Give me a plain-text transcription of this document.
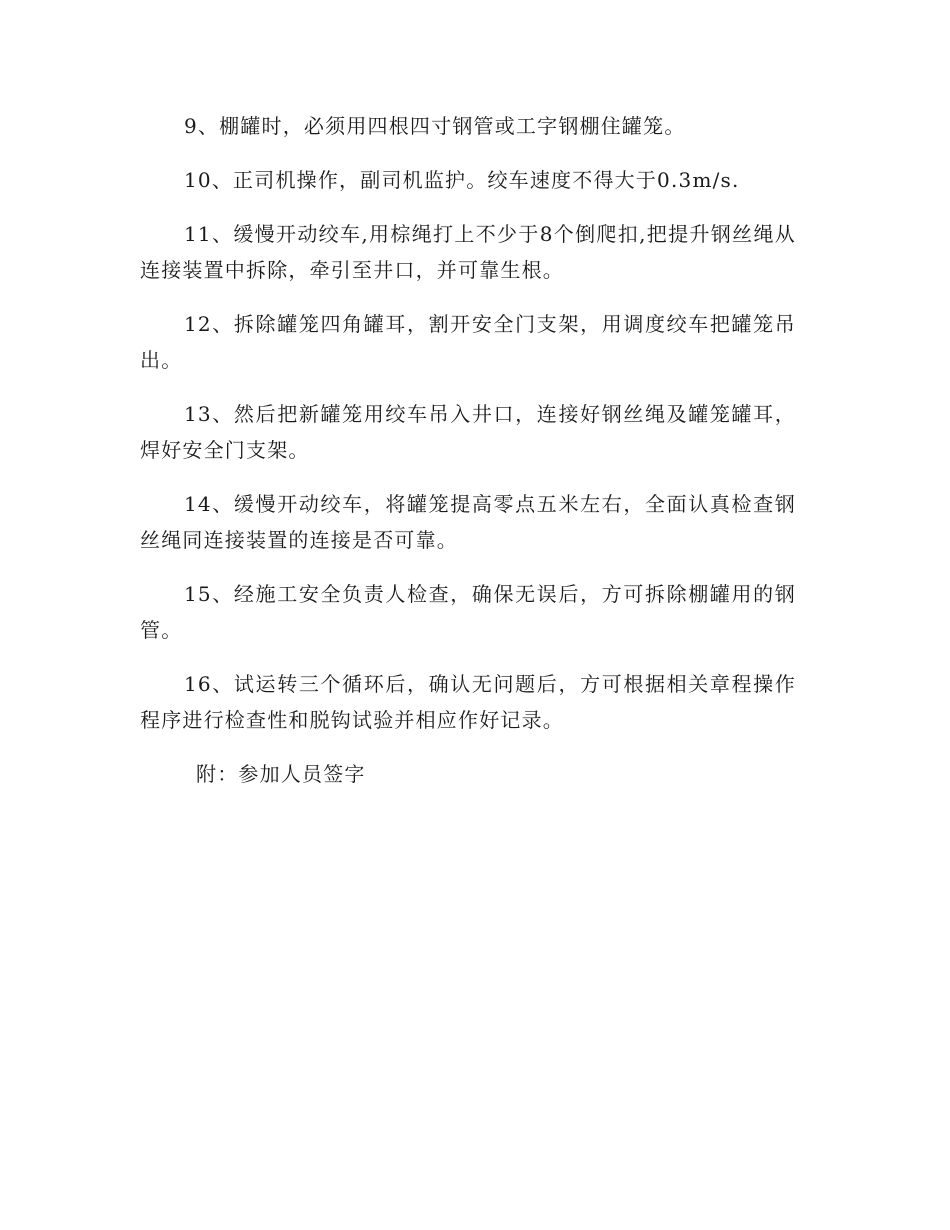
9、棚罐时，必须用四根四寸钢管或工字钢棚住罐笼。

10、正司机操作，副司机监护。绞车速度不得大于0.3m/s.

11、缓慢开动绞车,用棕绳打上不少于8个倒爬扣,把提升钢丝绳从连接装置中拆除，牵引至井口，并可靠生根。

12、拆除罐笼四角罐耳，割开安全门支架，用调度绞车把罐笼吊出。

13、然后把新罐笼用绞车吊入井口，连接好钢丝绳及罐笼罐耳，焊好安全门支架。

14、缓慢开动绞车，将罐笼提高零点五米左右，全面认真检查钢丝绳同连接装置的连接是否可靠。

15、经施工安全负责人检查，确保无误后，方可拆除棚罐用的钢管。

16、试运转三个循环后，确认无问题后，方可根据相关章程操作程序进行检查性和脱钩试验并相应作好记录。

附：参加人员签字
